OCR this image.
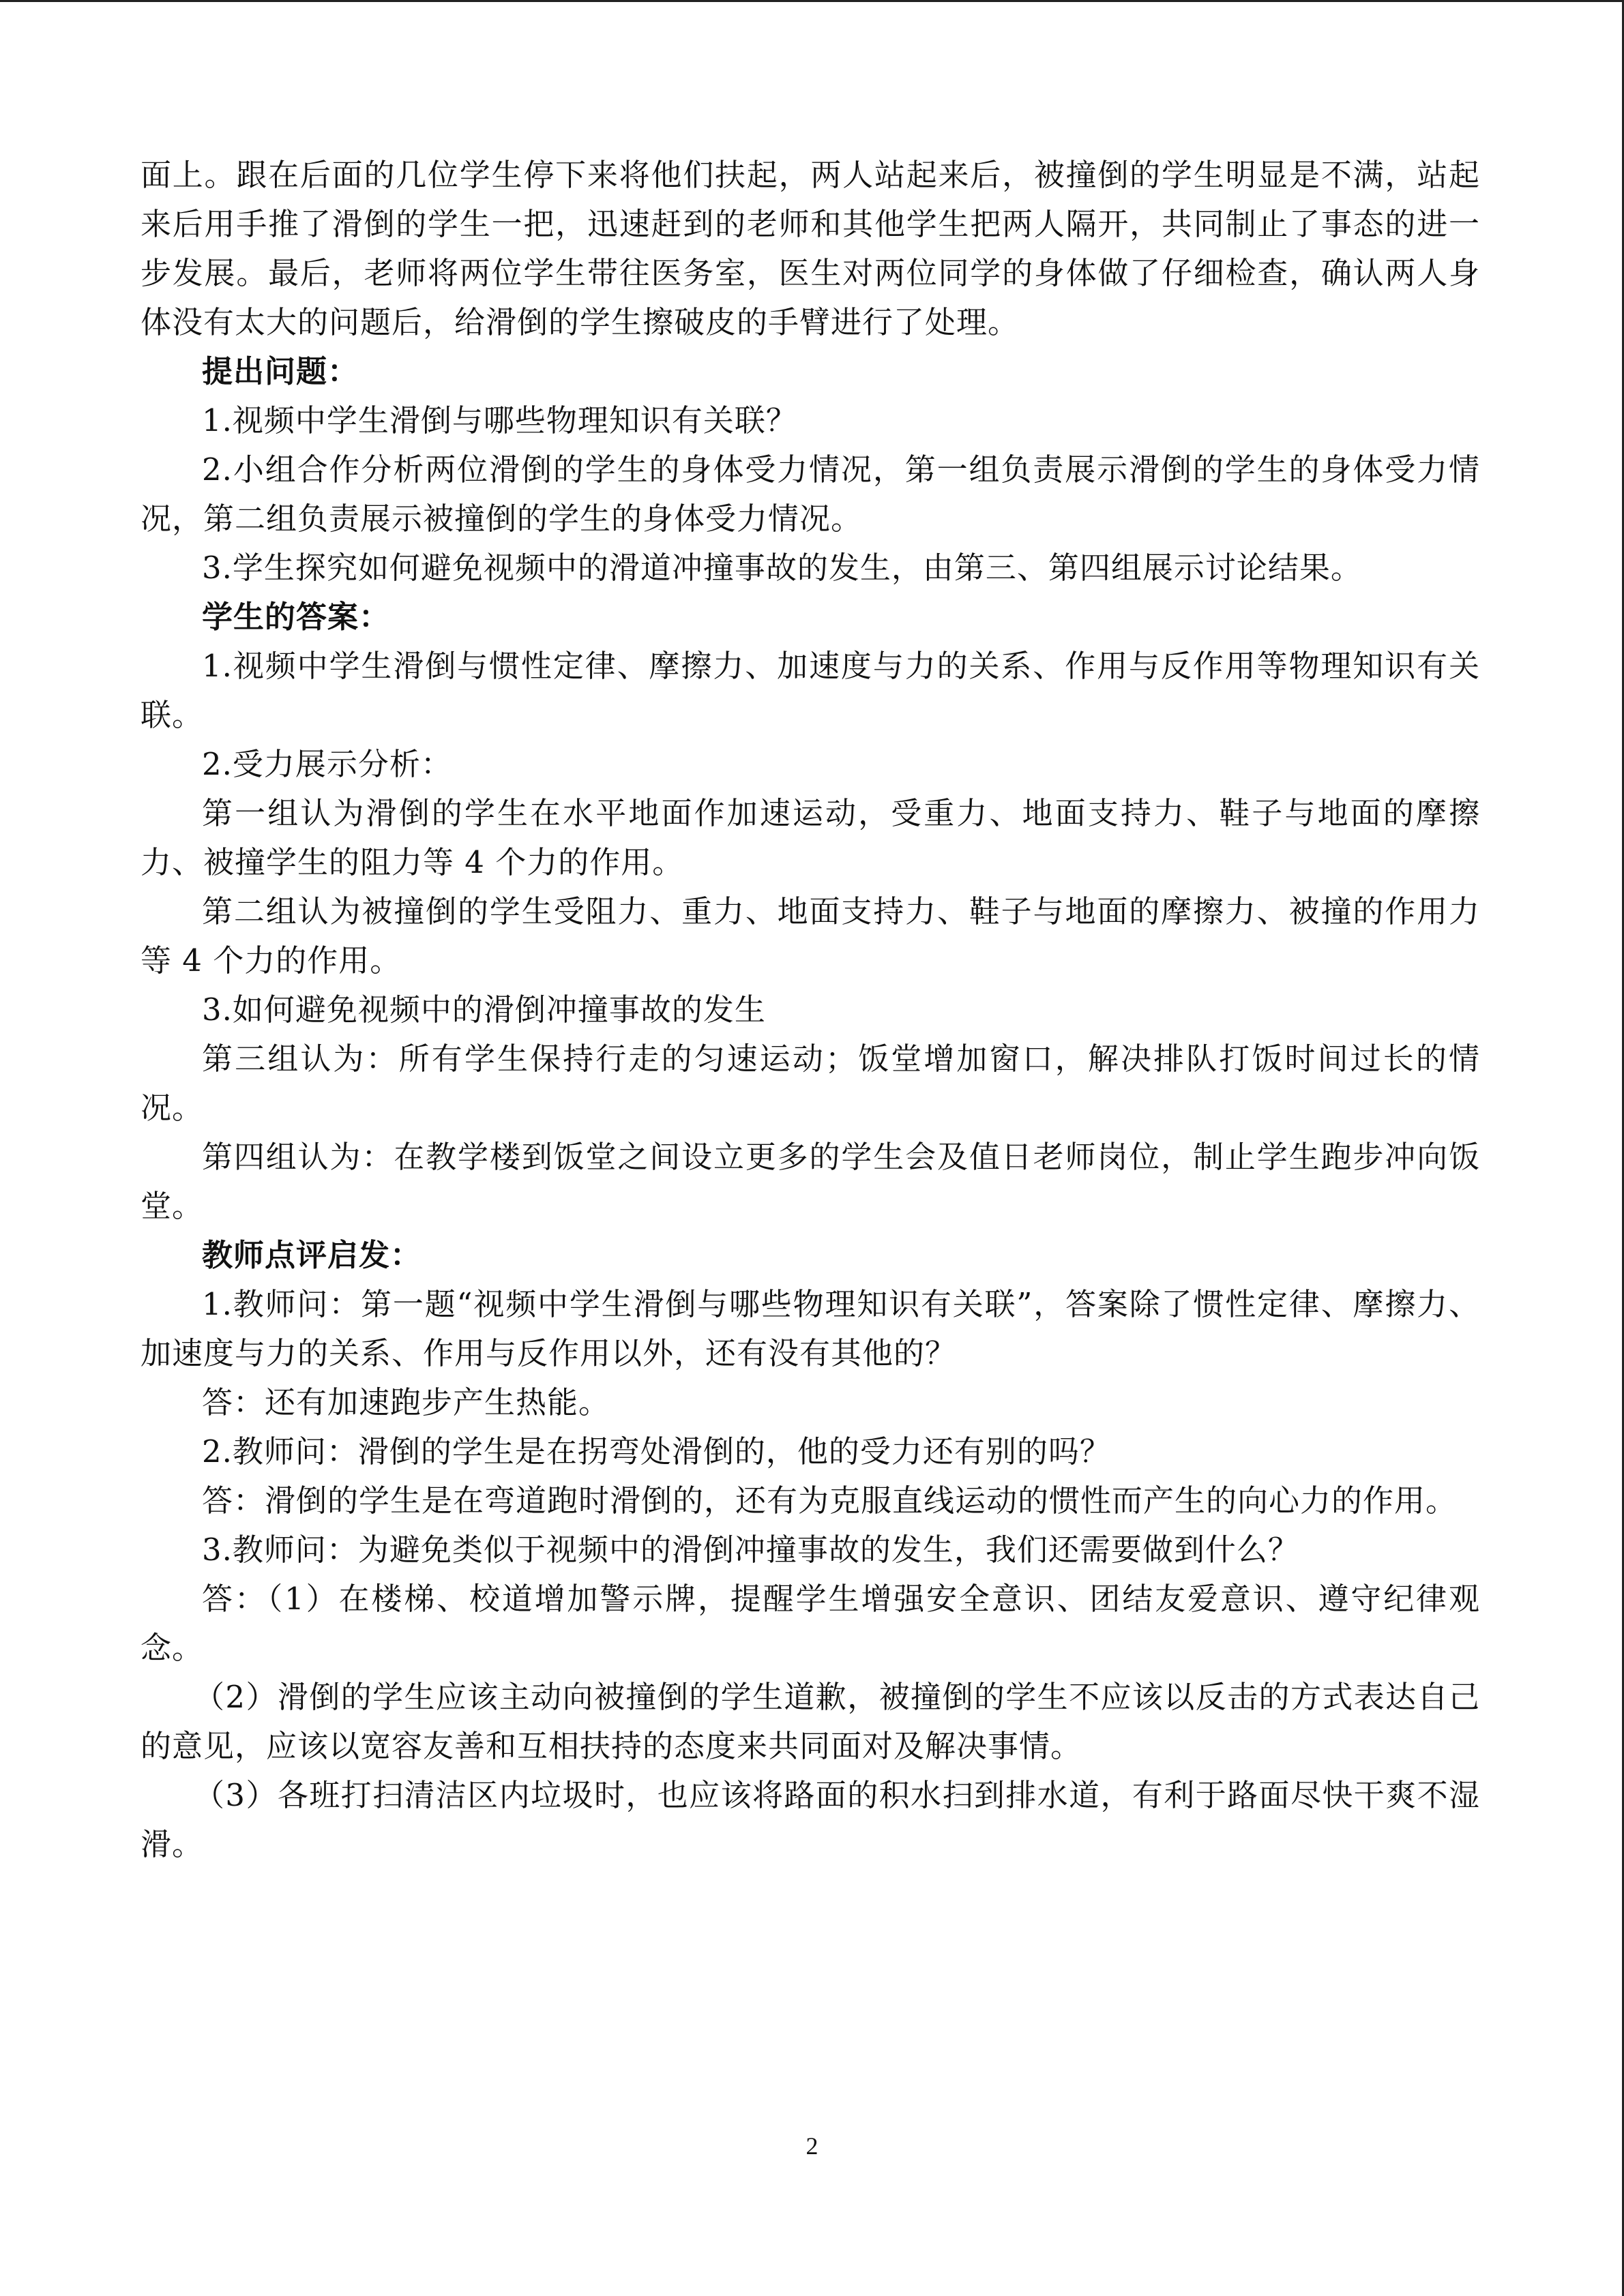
面上。跟在后面的几位学生停下来将他们扶起，两人站起来后，被撞倒的学生明显是不满，站起来后用手推了滑倒的学生一把，迅速赶到的老师和其他学生把两人隔开，共同制止了事态的进一步发展。最后，老师将两位学生带往医务室，医生对两位同学的身体做了仔细检查，确认两人身体没有太大的问题后，给滑倒的学生擦破皮的手臂进行了处理。

提出问题：

1.视频中学生滑倒与哪些物理知识有关联？

2.小组合作分析两位滑倒的学生的身体受力情况，第一组负责展示滑倒的学生的身体受力情况，第二组负责展示被撞倒的学生的身体受力情况。

3.学生探究如何避免视频中的滑道冲撞事故的发生，由第三、第四组展示讨论结果。

学生的答案：

1.视频中学生滑倒与惯性定律、摩擦力、加速度与力的关系、作用与反作用等物理知识有关联。

2.受力展示分析：

第一组认为滑倒的学生在水平地面作加速运动，受重力、地面支持力、鞋子与地面的摩擦力、被撞学生的阻力等 4 个力的作用。

第二组认为被撞倒的学生受阻力、重力、地面支持力、鞋子与地面的摩擦力、被撞的作用力等 4 个力的作用。

3.如何避免视频中的滑倒冲撞事故的发生

第三组认为：所有学生保持行走的匀速运动；饭堂增加窗口，解决排队打饭时间过长的情况。

第四组认为：在教学楼到饭堂之间设立更多的学生会及值日老师岗位，制止学生跑步冲向饭堂。

教师点评启发：

1.教师问：第一题“视频中学生滑倒与哪些物理知识有关联”，答案除了惯性定律、摩擦力、加速度与力的关系、作用与反作用以外，还有没有其他的？

答：还有加速跑步产生热能。

2.教师问：滑倒的学生是在拐弯处滑倒的，他的受力还有别的吗？

答：滑倒的学生是在弯道跑时滑倒的，还有为克服直线运动的惯性而产生的向心力的作用。

3.教师问：为避免类似于视频中的滑倒冲撞事故的发生，我们还需要做到什么？

答：（1）在楼梯、校道增加警示牌，提醒学生增强安全意识、团结友爱意识、遵守纪律观念。

（2）滑倒的学生应该主动向被撞倒的学生道歉，被撞倒的学生不应该以反击的方式表达自己的意见，应该以宽容友善和互相扶持的态度来共同面对及解决事情。

（3）各班打扫清洁区内垃圾时，也应该将路面的积水扫到排水道，有利于路面尽快干爽不湿滑。

2
